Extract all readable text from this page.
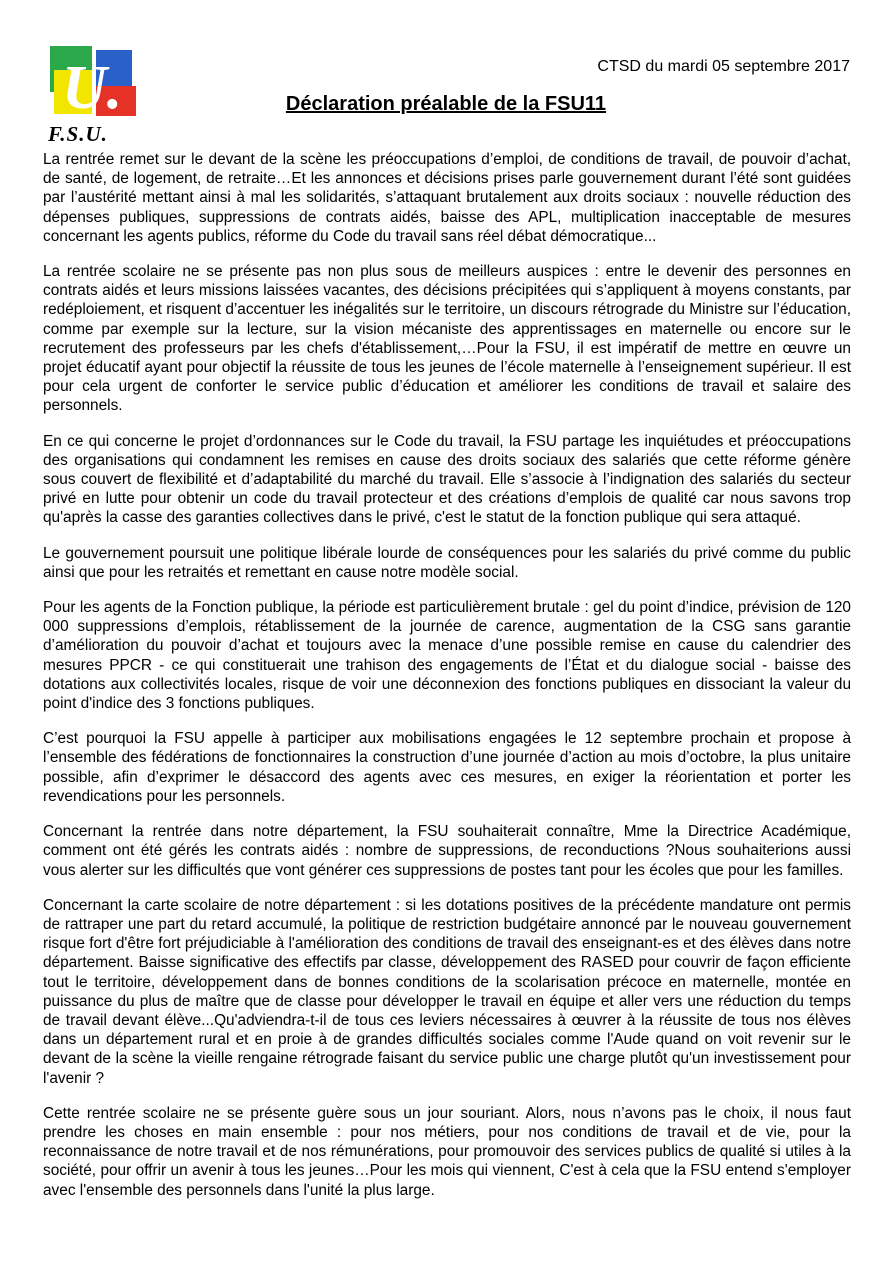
U.
F.S.U.
CTSD du mardi 05 septembre 2017
Déclaration préalable de la FSU11

La rentrée remet sur le devant de la scène les préoccupations d’emploi, de conditions de travail, de pouvoir d’achat, de santé, de logement, de retraite…Et les annonces et décisions prises parle gouvernement durant l’été sont guidées par l’austérité mettant ainsi à mal les solidarités, s’attaquant brutalement aux droits sociaux : nouvelle réduction des dépenses publiques, suppressions de contrats aidés, baisse des APL, multiplication inacceptable de mesures concernant les agents publics, réforme du Code du travail sans réel débat démocratique...

La rentrée scolaire ne se présente pas non plus sous de meilleurs auspices : entre le devenir des personnes en contrats aidés et leurs missions laissées vacantes, des décisions précipitées qui s’appliquent à moyens constants, par redéploiement, et risquent d’accentuer les inégalités sur le territoire, un discours rétrograde du Ministre sur l’éducation, comme par exemple sur la lecture, sur la vision mécaniste des apprentissages en maternelle ou encore sur le recrutement des professeurs par les chefs d'établissement,…Pour la FSU, il est impératif de mettre en œuvre un projet éducatif ayant pour objectif la réussite de tous les jeunes de l’école maternelle à l’enseignement supérieur. Il est pour cela urgent de conforter le service public d’éducation et améliorer les conditions de travail et salaire des personnels.

En ce qui concerne le projet d’ordonnances sur le Code du travail, la FSU partage les inquiétudes et préoccupations des organisations qui condamnent les remises en cause des droits sociaux des salariés que cette réforme génère sous couvert de flexibilité et d’adaptabilité du marché du travail. Elle s’associe à l’indignation des salariés du secteur privé en lutte pour obtenir un code du travail protecteur et des créations d’emplois de qualité car nous savons trop qu'après la casse des garanties collectives dans le privé, c'est le statut de la fonction publique qui sera attaqué.

Le gouvernement poursuit une politique libérale lourde de conséquences pour les salariés du privé comme du public ainsi que pour les retraités et remettant en cause notre modèle social.

Pour les agents de la Fonction publique, la période est particulièrement brutale : gel du point d’indice, prévision de 120 000 suppressions d’emplois, rétablissement de la journée de carence, augmentation de la CSG sans garantie d’amélioration du pouvoir d’achat et toujours avec la menace d’une possible remise en cause du calendrier des mesures PPCR - ce qui constituerait une trahison des engagements de l’État et du dialogue social - baisse des dotations aux collectivités locales, risque de voir une déconnexion des fonctions publiques en dissociant la valeur du point d'indice des 3 fonctions publiques.

C’est pourquoi la FSU appelle à participer aux mobilisations engagées le 12 septembre prochain et propose à l’ensemble des fédérations de fonctionnaires la construction d’une journée d’action au mois d’octobre, la plus unitaire possible, afin d’exprimer le désaccord des agents avec ces mesures, en exiger la réorientation et porter les revendications pour les personnels.

Concernant la rentrée dans notre département, la FSU souhaiterait connaître, Mme la Directrice Académique, comment ont été gérés les contrats aidés : nombre de suppressions, de reconductions ?Nous souhaiterions aussi vous alerter sur les difficultés que vont générer ces suppressions de postes tant pour les écoles que pour les familles.

Concernant la carte scolaire de notre département : si les dotations positives de la précédente mandature ont permis de rattraper une part du retard accumulé, la politique de restriction budgétaire annoncé par le nouveau gouvernement risque fort d'être fort préjudiciable à l'amélioration des conditions de travail des enseignant-es et des élèves dans notre département. Baisse significative des effectifs par classe, développement des RASED pour couvrir de façon efficiente tout le territoire, développement dans de bonnes conditions de la scolarisation précoce en maternelle, montée en puissance du plus de maître que de classe pour développer le travail en équipe et aller vers une réduction du temps de travail devant élève...Qu'adviendra-t-il de tous ces leviers nécessaires à œuvrer à la réussite de tous nos élèves dans un département rural et en proie à de grandes difficultés sociales comme l'Aude quand on voit revenir sur le devant de la scène la vieille rengaine rétrograde faisant du service public une charge plutôt qu'un investissement pour l'avenir ?

Cette rentrée scolaire ne se présente guère sous un jour souriant. Alors, nous n’avons pas le choix, il nous faut prendre les choses en main ensemble : pour nos métiers, pour nos conditions de travail et de vie, pour la reconnaissance de notre travail et de nos rémunérations, pour promouvoir des services publics de qualité si utiles à la société, pour offrir un avenir à tous les jeunes…Pour les mois qui viennent, C'est à cela que la FSU entend s'employer avec l'ensemble des personnels dans l'unité la plus large.
